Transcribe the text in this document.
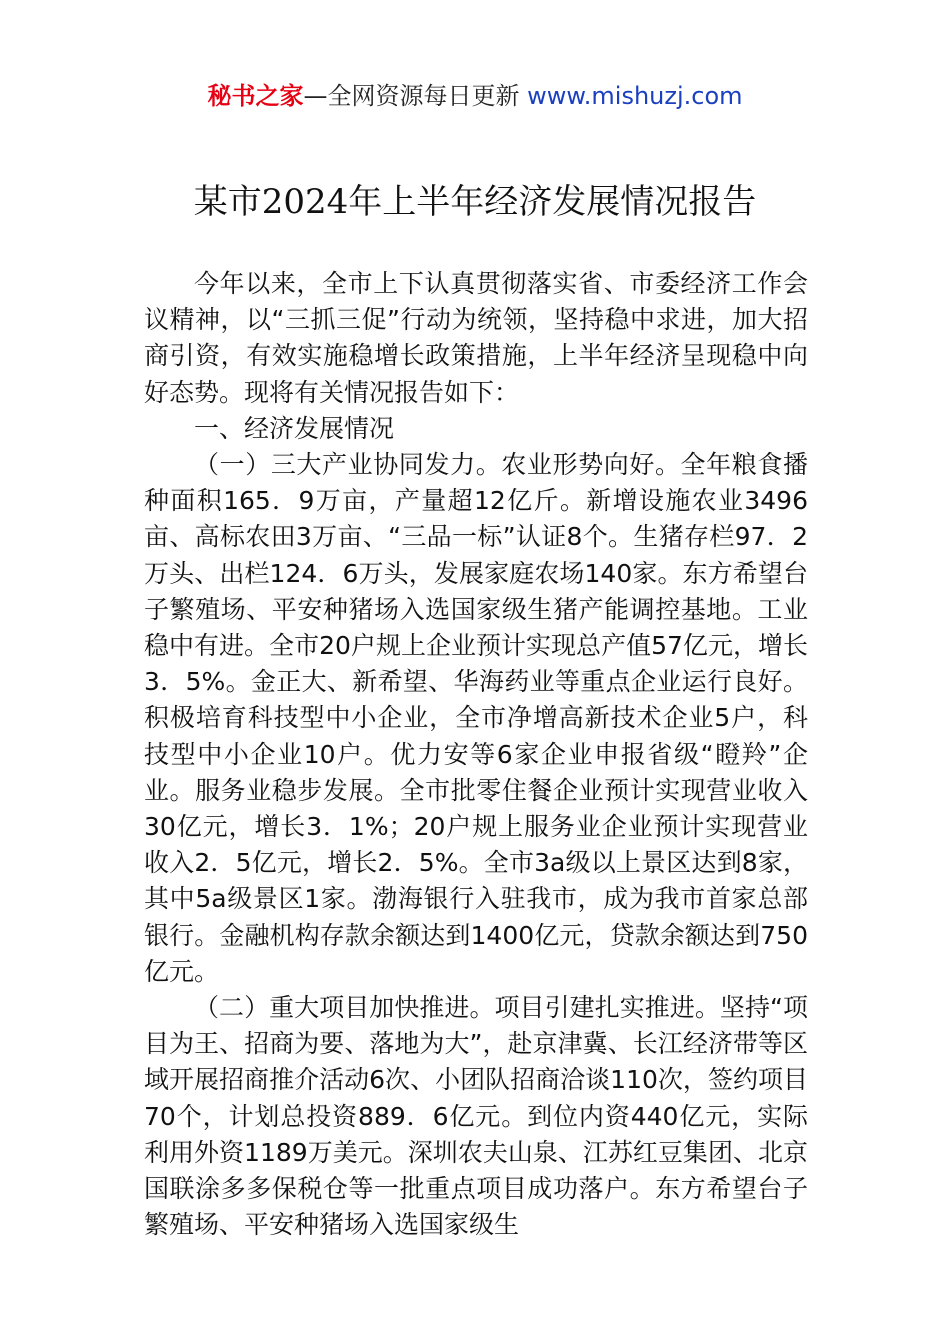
秘书之家—全网资源每日更新 www.mishuzj.com
某市2024年上半年经济发展情况报告

今年以来，全市上下认真贯彻落实省、市委经济工作会议精神，以“三抓三促”行动为统领，坚持稳中求进，加大招商引资，有效实施稳增长政策措施，上半年经济呈现稳中向好态势。现将有关情况报告如下：

一、经济发展情况

（一）三大产业协同发力。农业形势向好。全年粮食播种面积165．9万亩，产量超12亿斤。新增设施农业3496亩、高标农田3万亩、“三品一标”认证8个。生猪存栏97．2万头、出栏124．6万头，发展家庭农场140家。东方希望台子繁殖场、平安种猪场入选国家级生猪产能调控基地。工业稳中有进。全市20户规上企业预计实现总产值57亿元，增长3．5%。金正大、新希望、华海药业等重点企业运行良好。积极培育科技型中小企业，全市净增高新技术企业5户，科技型中小企业10户。优力安等6家企业申报省级“瞪羚”企业。服务业稳步发展。全市批零住餐企业预计实现营业收入30亿元，增长3．1%；20户规上服务业企业预计实现营业收入2．5亿元，增长2．5%。全市3a级以上景区达到8家，其中5a级景区1家。渤海银行入驻我市，成为我市首家总部银行。金融机构存款余额达到1400亿元，贷款余额达到750亿元。

（二）重大项目加快推进。项目引建扎实推进。坚持“项目为王、招商为要、落地为大”，赴京津冀、长江经济带等区域开展招商推介活动6次、小团队招商洽谈110次，签约项目70个，计划总投资889．6亿元。到位内资440亿元，实际利用外资1189万美元。深圳农夫山泉、江苏红豆集团、北京国联涂多多保税仓等一批重点项目成功落户。东方希望台子繁殖场、平安种猪场入选国家级生
